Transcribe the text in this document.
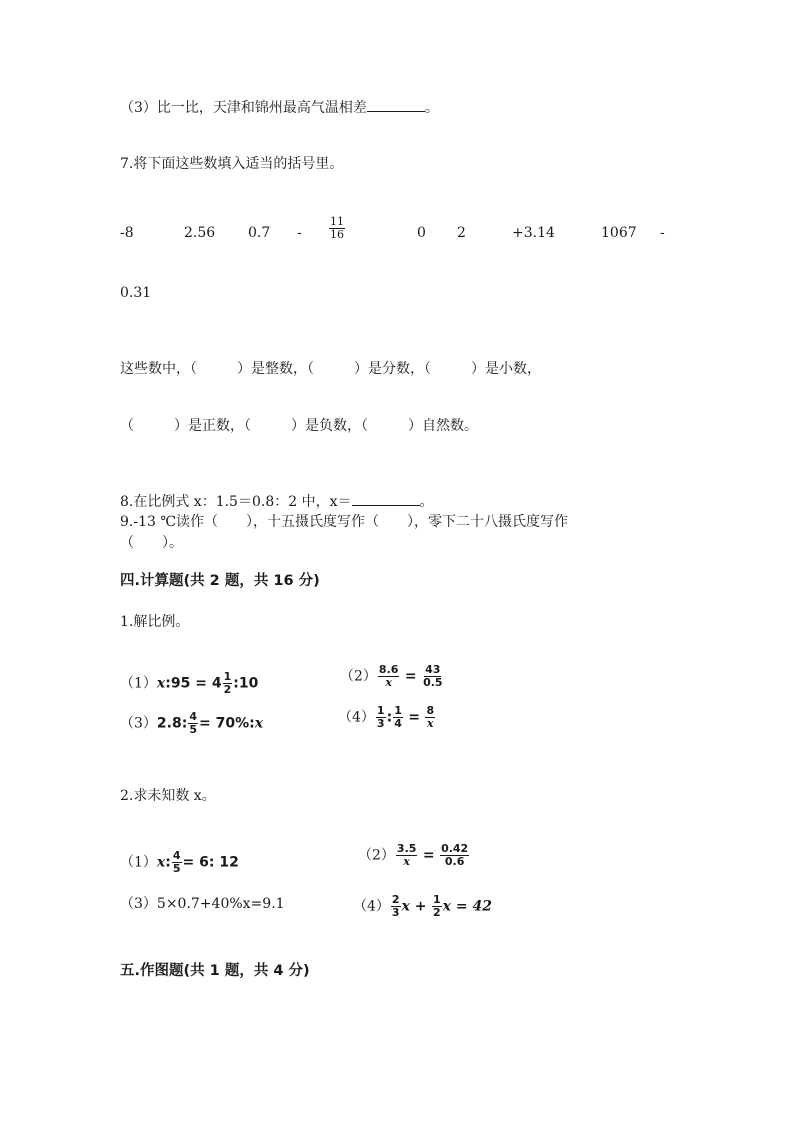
（3）比一比，天津和锦州最高气温相差	。
7.将下面这些数填入适当的括号里。
-8	2.56 $0.7 - \frac{11}{16}$	0 2	+3.14	1067 -
0.31
这些数中，（	）是整数，（	）是分数，（	）是小数，
（	）是正数，（	）是负数，（	）自然数。
8.在比例式 x：1.5＝0.8：2 中，x＝	。
9.-13 ℃读作（　　），十五摄氏度写作（　　），零下二十八摄氏度写作
（　　）。
四.计算题(共 2 题，共 16 分)
1.解比例。
（1）x:95 = $4 \frac{1}{2}$ :10	$(2) \frac{8.6}{x} = \frac{43}{0.5}$
（3）2.8: $\frac{4}{5}$ = 70%:x	$(4) \frac{1}{3}$ : $\frac{1}{4} = \frac{8}{x}$
2.求未知数 x。
（1）x: $\frac{4}{5} = 6$: 12	$(2) \frac{3.5}{x} = \frac{0.42}{0.6}$
（3）5×0.7+40%x=9.1	$(4) \frac{2}{3}$ $x + \frac{1}{2}$ x = 42
五.作图题(共 1 题，共 4 分)
